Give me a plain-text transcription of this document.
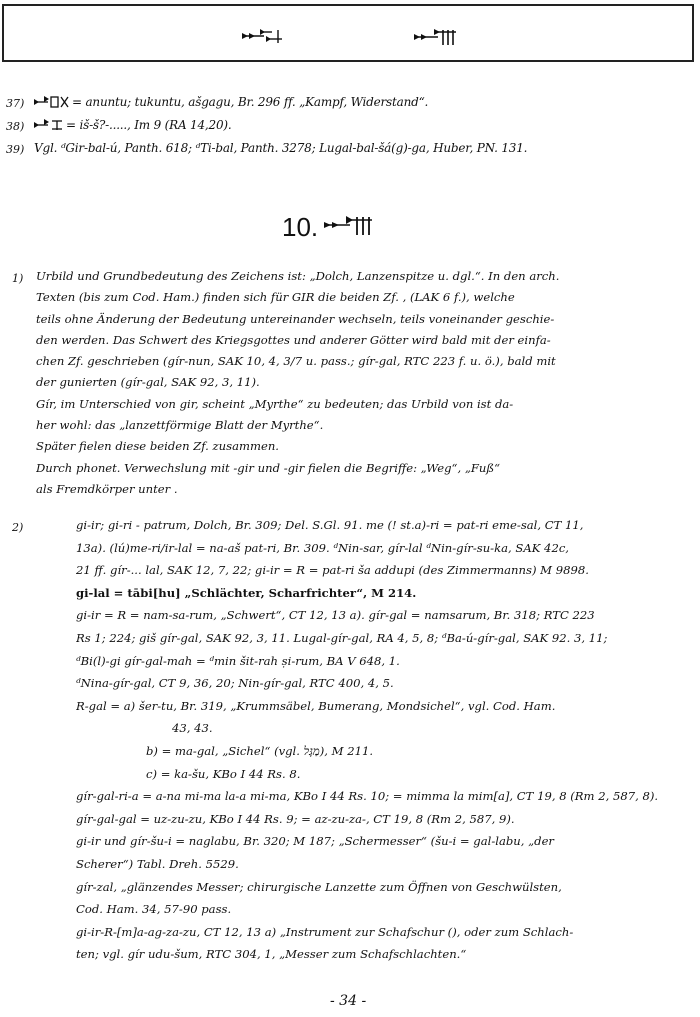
37)	= anuntu; tukuntu, ašgagu, Br. 296 ff. „Kampf, Widerstand“.
38)	= iš-š?-....., Im 9 (RA 14,20).
39) Vgl. ᵈGir-bal-ú, Panth. 618; ᵈTi-bal, Panth. 3278; Lugal-bal-šá(g)-ga, Huber, PN. 131.
10.
1) Urbild und Grundbedeutung des Zeichens ist: „Dolch, Lanzenspitze u. dgl.“. In den arch.

Texten (bis zum Cod. Ham.) finden sich für GIR die beiden Zf. , (LAK 6 f.), welche

teils ohne Änderung der Bedeutung untereinander wechseln, teils voneinander geschie-

den werden. Das Schwert des Kriegsgottes und anderer Götter wird bald mit der einfa-

chen Zf. geschrieben (gír-nun, SAK 10, 4, 3/7 u. pass.; gír-gal, RTC 223 f. u. ö.), bald mit

der gunierten (gír-gal, SAK 92, 3, 11).

Gír, im Unterschied von gir, scheint „Myrthe“ zu bedeuten; das Urbild von ist da-

her wohl: das „lanzettförmige Blatt der Myrthe“.

Später fielen diese beiden Zf. zusammen.

Durch phonet. Verwechslung mit -gir und -gir fielen die Begriffe: „Weg“, „Fuß“

als Fremdkörper unter .

2)	gi-ir; gi-ri - patrum, Dolch, Br. 309; Del. S.Gl. 91. me (! st.a)-ri = pat-ri eme-sal, CT 11,

13a). (lú)me-ri/ir-lal = na-aš pat-ri, Br. 309. ᵈNin-sar, gír-lal ᵈNin-gír-su-ka, SAK 42c,

21 ff. gír-... lal, SAK 12, 7, 22; gi-ir = R = pat-ri ša addupi (des Zimmermanns) M 9898.

gi-lal = tābi[hu] „Schlächter, Scharfrichter“, M 214.

gi-ir = R = nam-sa-rum, „Schwert“, CT 12, 13 a). gír-gal = namsarum, Br. 318; RTC 223

Rs 1; 224; giš gír-gal, SAK 92, 3, 11. Lugal-gír-gal, RA 4, 5, 8; ᵈBa-ú-gír-gal, SAK 92. 3, 11;

ᵈBi(l)-gi gír-gal-mah = ᵈmin šit-rah ṣi-rum, BA V 648, 1.

ᵈNina-gír-gal, CT 9, 36, 20; Nin-gír-gal, RTC 400, 4, 5.

R-gal = a) šer-tu, Br. 319, „Krummsäbel, Bumerang, Mondsichel“, vgl. Cod. Ham.

43, 43.

b) = ma-gal, „Sichel“ (vgl. מַגָּל), M 211.

c) = ka-šu, KBo I 44 Rs. 8.

gír-gal-ri-a = a-na mi-ma la-a mi-ma, KBo I 44 Rs. 10; = mimma la mim[a], CT 19, 8 (Rm 2, 587, 8).

gír-gal-gal = uz-zu-zu, KBo I 44 Rs. 9; = az-zu-za-, CT 19, 8 (Rm 2, 587, 9).

gi-ir und gír-šu-i = naglabu, Br. 320; M 187; „Schermesser“ (šu-i = gal-labu, „der

Scherer“) Tabl. Dreh. 5529.

gír-zal, „glänzendes Messer; chirurgische Lanzette zum Öffnen von Geschwülsten,

Cod. Ham. 34, 57-90 pass.

gi-ir-R-[m]a-ag-za-zu, CT 12, 13 a) „Instrument zur Schafschur (), oder zum Schlach-

ten; vgl. gír udu-šum, RTC 304, 1, „Messer zum Schafschlachten.“

- 34 -
